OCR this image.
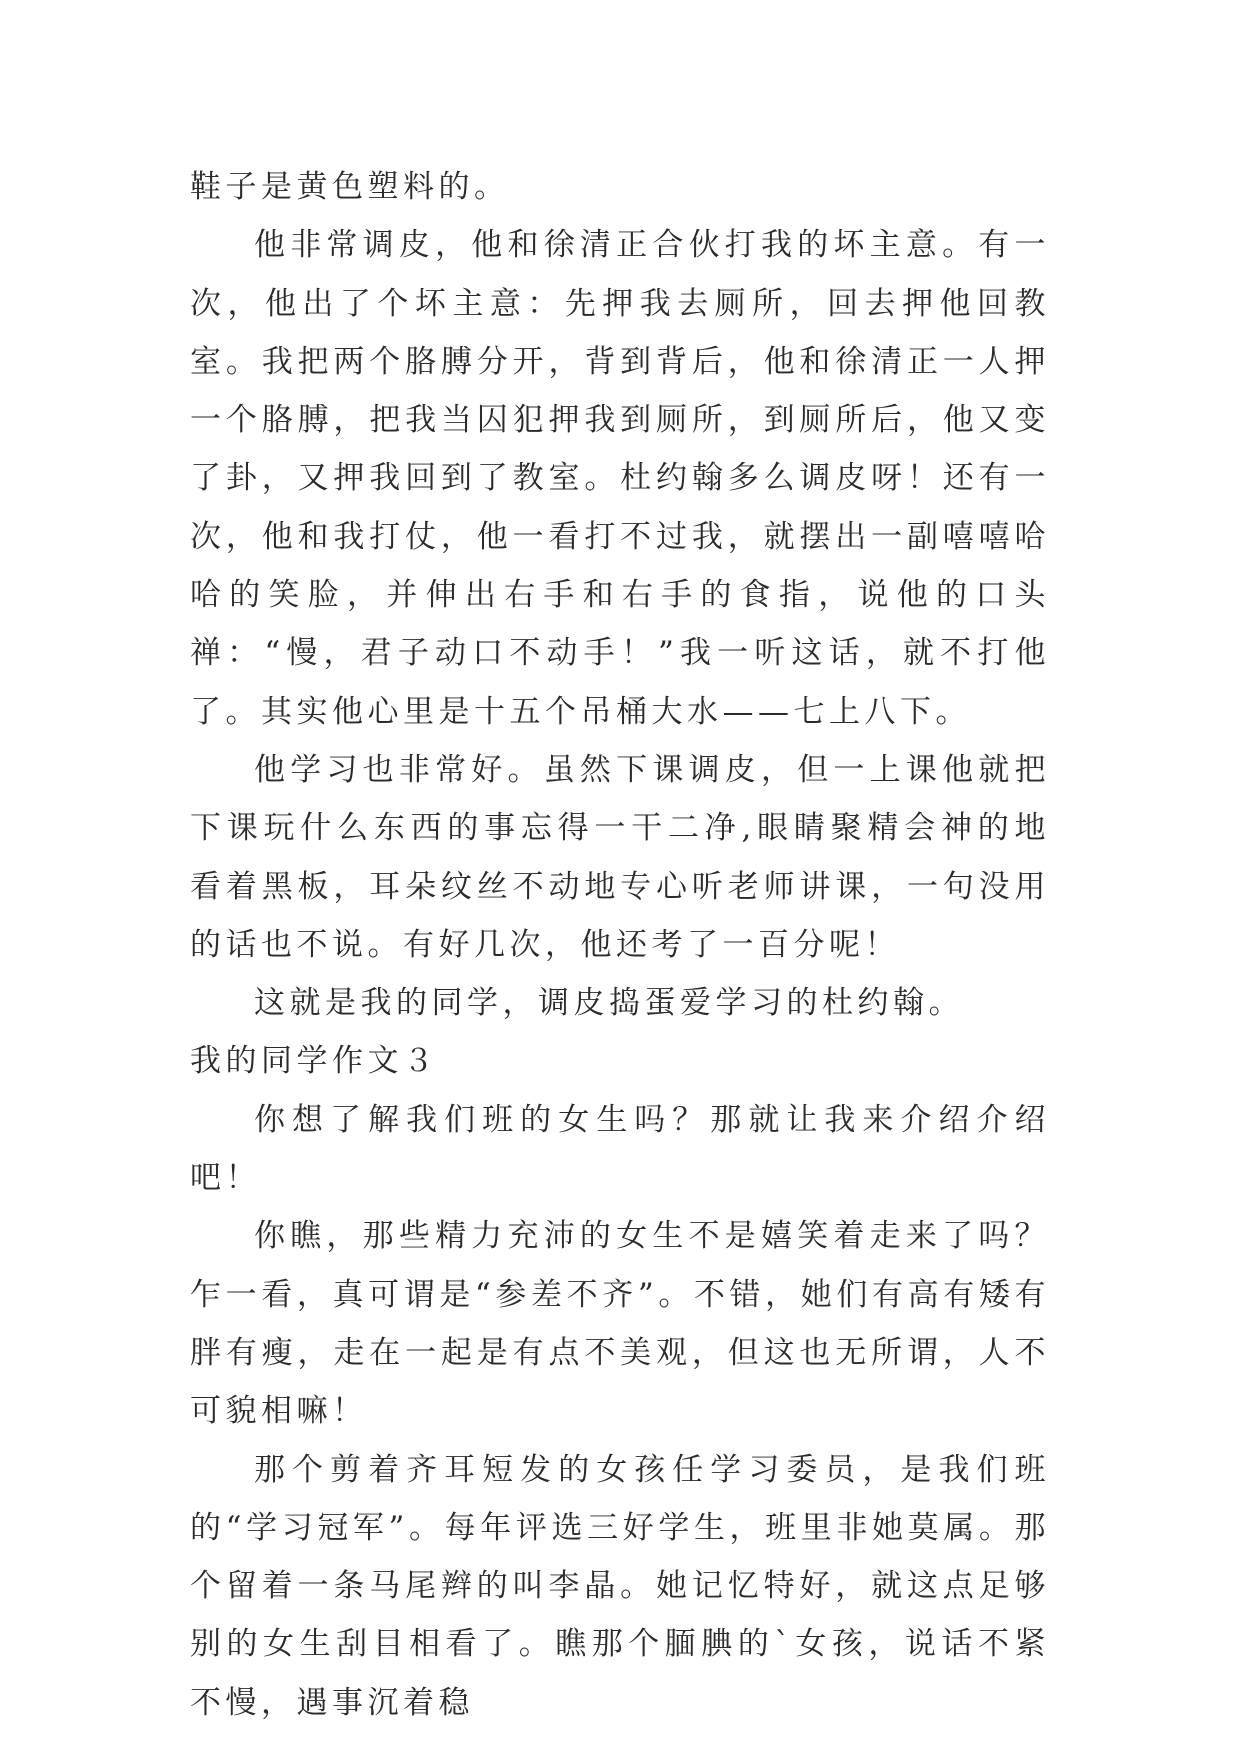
鞋子是黄色塑料的。

他非常调皮，他和徐清正合伙打我的坏主意。有一次，他出了个坏主意：先押我去厕所，回去押他回教室。我把两个胳膊分开，背到背后，他和徐清正一人押一个胳膊，把我当囚犯押我到厕所，到厕所后，他又变了卦，又押我回到了教室。杜约翰多么调皮呀！还有一次，他和我打仗，他一看打不过我，就摆出一副嘻嘻哈哈的笑脸，并伸出右手和右手的食指，说他的口头禅：“慢，君子动口不动手！”我一听这话，就不打他了。其实他心里是十五个吊桶大水——七上八下。

他学习也非常好。虽然下课调皮，但一上课他就把下课玩什么东西的事忘得一干二净,眼睛聚精会神的地看着黑板，耳朵纹丝不动地专心听老师讲课，一句没用的话也不说。有好几次，他还考了一百分呢！

这就是我的同学，调皮捣蛋爱学习的杜约翰。

我的同学作文３

你想了解我们班的女生吗？那就让我来介绍介绍吧！

你瞧，那些精力充沛的女生不是嬉笑着走来了吗？乍一看，真可谓是“参差不齐”。不错，她们有高有矮有胖有瘦，走在一起是有点不美观，但这也无所谓，人不可貌相嘛！

那个剪着齐耳短发的女孩任学习委员，是我们班的“学习冠军”。每年评选三好学生，班里非她莫属。那个留着一条马尾辫的叫李晶。她记忆特好，就这点足够别的女生刮目相看了。瞧那个腼腆的`女孩，说话不紧不慢，遇事沉着稳
